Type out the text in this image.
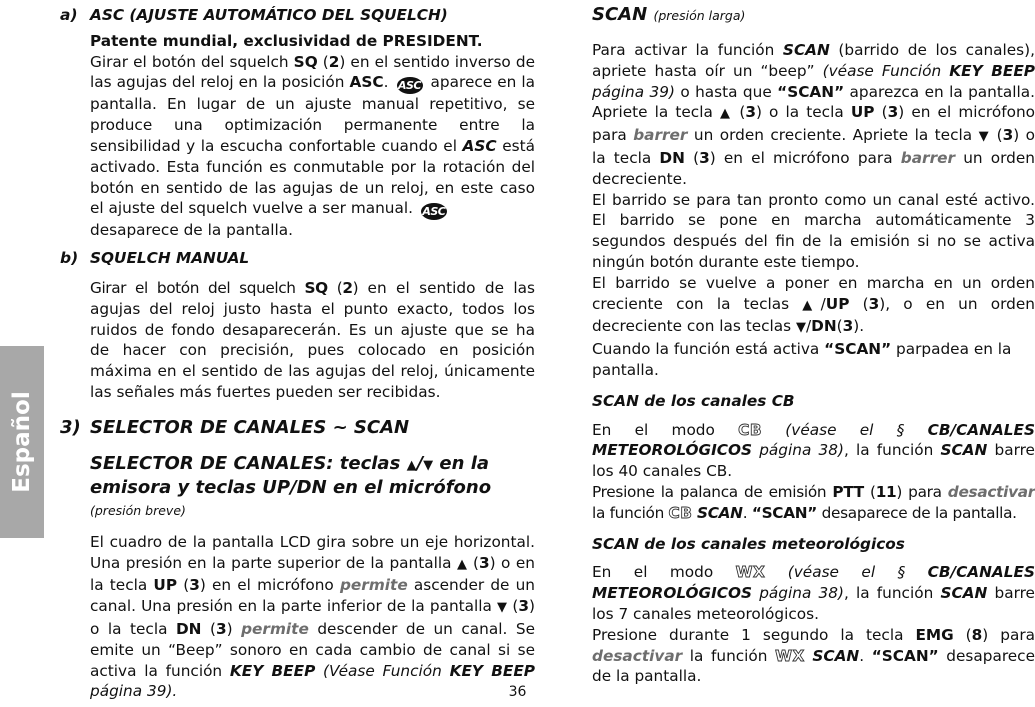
Español
a) ASC (AJUSTE AUTOMÁTICO DEL SQUELCH)
Patente mundial, exclusividad de PRESIDENT.

Girar el botón del squelch SQ (2) en el sentido inverso de las agujas del reloj en la posición ASC. ASC aparece en la pantalla. En lugar de un ajuste manual repetitivo, se produce una optimización permanente entre la sensibilidad y la escucha confortable cuando el ASC está activado. Esta función es conmutable por la rotación del botón en sentido de las agujas de un reloj, en este caso el ajuste del squelch vuelve a ser manual. ASC
desaparece de la pantalla.

b) SQUELCH MANUAL

Girar el botón del squelch SQ (2) en el sentido de las agujas del reloj justo hasta el punto exacto, todos los ruidos de fondo desaparecerán. Es un ajuste que se ha de hacer con precisión, pues colocado en posición máxima en el sentido de las agujas del reloj, únicamente las señales más fuertes pueden ser recibidas.

3) SELECTOR DE CANALES ~ SCAN
SELECTOR DE CANALES: teclas ▲/▼ en la emisora y teclas UP/DN en el micrófono (presión breve)

El cuadro de la pantalla LCD gira sobre un eje horizontal. Una presión en la parte superior de la pantalla ▲ (3) o en la tecla UP (3) en el micrófono permite ascender de un canal. Una presión en la parte inferior de la pantalla ▼ (3) o la tecla DN (3) permite descender de un canal. Se emite un “Beep” sonoro en cada cambio de canal si se activa la función KEY BEEP (Véase Función KEY BEEP página 39).

SCAN (presión larga)

Para activar la función SCAN (barrido de los canales), apriete hasta oír un “beep” (véase Función KEY BEEP página 39) o hasta que “SCAN” aparezca en la pantalla. Apriete la tecla ▲ (3) o la tecla UP (3) en el micrófono para barrer un orden creciente. Apriete la tecla ▼ (3) o la tecla DN (3) en el micrófono para barrer un orden decreciente.

El barrido se para tan pronto como un canal esté activo. El barrido se pone en marcha automáticamente 3 segundos después del fin de la emisión si no se activa ningún botón durante este tiempo.

El barrido se vuelve a poner en marcha en un orden creciente con la teclas ▲/UP (3), o en un orden decreciente con las teclas ▼/DN(3).

Cuando la función está activa “SCAN” parpadea en la pantalla.

SCAN de los canales CB

En el modo CB (véase el § CB/CANALES METEOROLÓGICOS página 38), la función SCAN barre los 40 canales CB.

Presione la palanca de emisión PTT (11) para desactivar la función CB SCAN. “SCAN” desaparece de la pantalla.

SCAN de los canales meteorológicos

En el modo WX (véase el § CB/CANALES METEOROLÓGICOS página 38), la función SCAN barre los 7 canales meteorológicos.

Presione durante 1 segundo la tecla EMG (8) para desactivar la función WX SCAN. “SCAN” desaparece de la pantalla.

36
